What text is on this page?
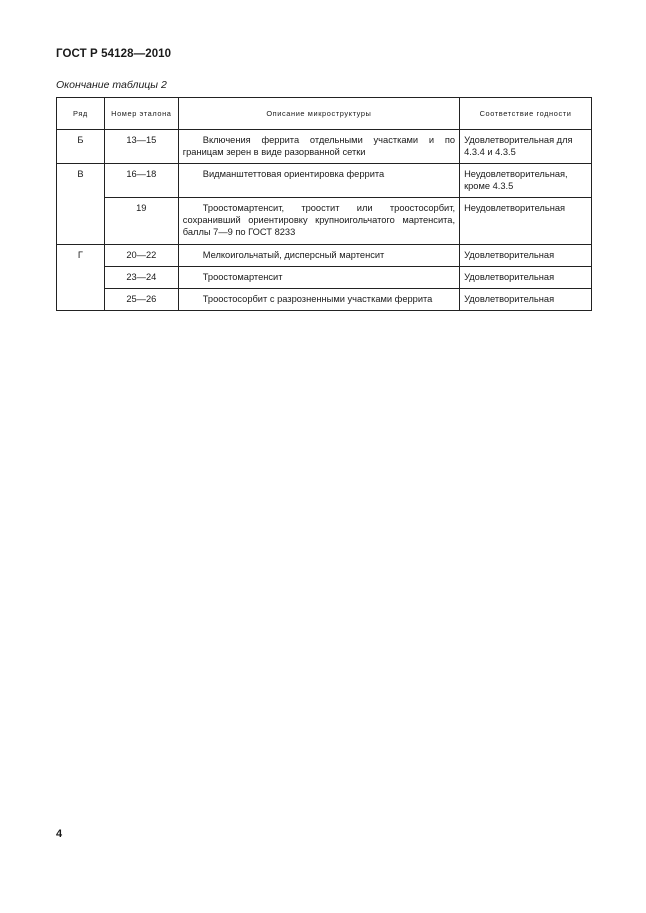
ГОСТ Р 54128—2010
Окончание таблицы 2
Ряд	Номер эталона	Описание микроструктуры	Соответствие годности
Б	13—15	Включения феррита отдельными участками и по границам зерен в виде разорванной сетки	Удовлетворительная для 4.3.4 и 4.3.5
В	16—18	Видманштеттовая ориентировка феррита	Неудовлетворительная, кроме 4.3.5
	19	Троостомартенсит, троостит или троостосорбит, сохранивший ориентировку крупноигольчатого мартенсита, баллы 7—9 по ГОСТ 8233	Неудовлетворительная
Г	20—22	Мелкоигольчатый, дисперсный мартенсит	Удовлетворительная
	23—24	Троостомартенсит	Удовлетворительная
	25—26	Троостосорбит с разрозненными участками феррита	Удовлетворительная
4
